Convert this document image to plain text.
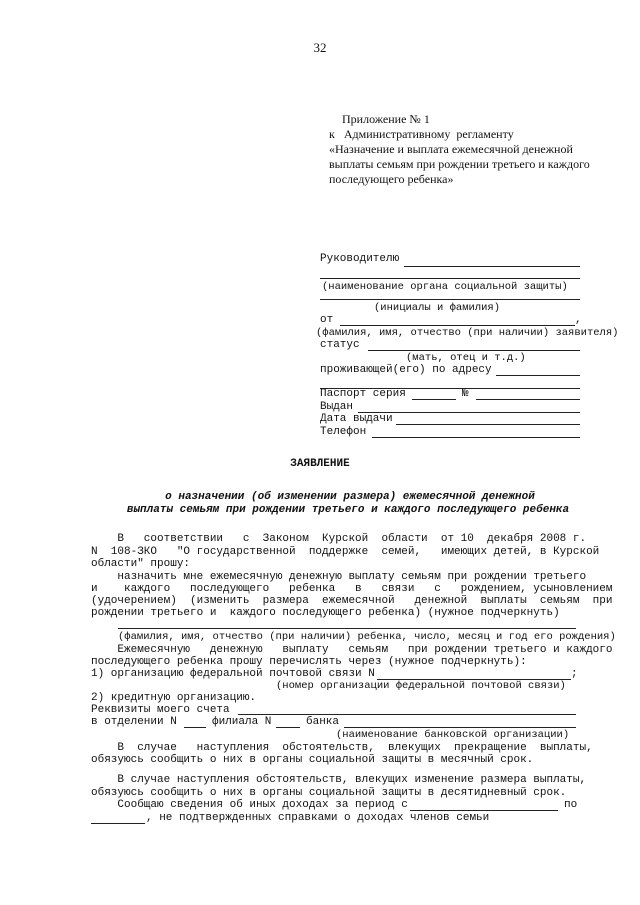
32
Приложение № 1
к   Административному  регламенту
«Назначение и выплата ежемесячной денежной
выплаты семьям при рождении третьего и каждого
последующего ребенка»
Руководителю
(наименование органа социальной защиты)
(инициалы и фамилия)
от	,
(фамилия, имя, отчество (при наличии) заявителя)
статус
(мать, отец и т.д.)
проживающей(его) по адресу
Паспорт серия	№
Выдан
Дата выдачи
Телефон
ЗАЯВЛЕНИЕ
о назначении (об изменении размера) ежемесячной денежной
выплаты семьям при рождении третьего и каждого последующего ребенка
В   соответствии   с  Законом  Курской  области  от 10  декабря 2008 г.
N  108-ЗКО   "О государственной  поддержке  семей,   имеющих детей, в Курской
области" прошу:
назначить мне ежемесячную денежную выплату семьям при рождении третьего
и    каждого   последующего   ребенка   в   связи   с   рождением, усыновлением
(удочерением)  (изменить  размера  ежемесячной   денежной  выплаты  семьям  при
рождении третьего и  каждого последующего ребенка) (нужное подчеркнуть)
(фамилия, имя, отчество (при наличии) ребенка, число, месяц и год его рождения)
Ежемесячную   денежную   выплату   семьям   при рождении третьего и каждого
последующего ребенка прошу перечислять через (нужное подчеркнуть):
1) организацию федеральной почтовой связи N	;
(номер организации федеральной почтовой связи)
2) кредитную организацию.
Реквизиты моего счета
в отделении N	филиала N	банка
(наименование банковской организации)
В  случае   наступления  обстоятельств,  влекущих  прекращение  выплаты,
обязуюсь сообщить о них в органы социальной защиты в месячный срок.
В случае наступления обстоятельств, влекущих изменение размера выплаты,
обязуюсь сообщить о них в органы социальной защиты в десятидневный срок.
Сообщаю сведения об иных доходах за период с	по
, не подтвержденных справками о доходах членов семьи
